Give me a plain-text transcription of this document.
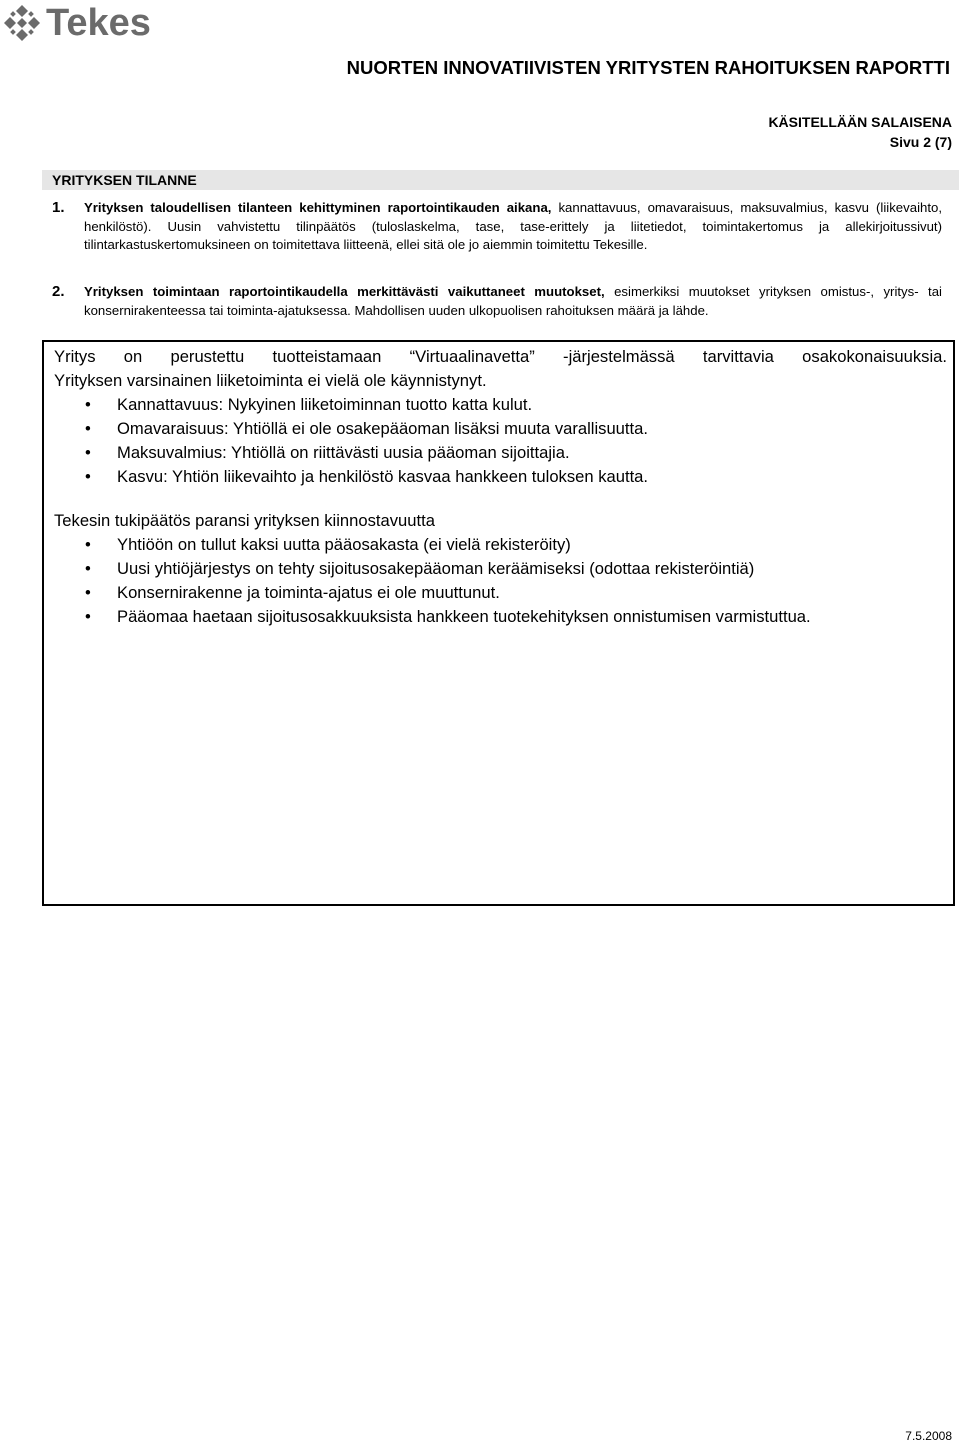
Tekes
NUORTEN INNOVATIIVISTEN YRITYSTEN RAHOITUKSEN RAPORTTI
KÄSITELLÄÄN SALAISENA
Sivu 2 (7)
YRITYKSEN TILANNE
1. Yrityksen taloudellisen tilanteen kehittyminen raportointikauden aikana, kannattavuus, omavaraisuus, maksuvalmius, kasvu (liikevaihto, henkilöstö). Uusin vahvistettu tilinpäätös (tuloslaskelma, tase, tase-erittely ja liitetiedot, toimintakertomus ja allekirjoitussivut) tilintarkastuskertomuksineen on toimitettava liitteenä, ellei sitä ole jo aiemmin toimitettu Tekesille.
2. Yrityksen toimintaan raportointikaudella merkittävästi vaikuttaneet muutokset, esimerkiksi muutokset yrityksen omistus-, yritys- tai konsernirakenteessa tai toiminta-ajatuksessa. Mahdollisen uuden ulkopuolisen rahoituksen määrä ja lähde.

Yritys on perustettu tuotteistamaan “Virtuaalinavetta” -järjestelmässä tarvittavia osakokonaisuuksia.

Yrityksen varsinainen liiketoiminta ei vielä ole käynnistynyt.

• Kannattavuus: Nykyinen liiketoiminnan tuotto katta kulut.
• Omavaraisuus: Yhtiöllä ei ole osakepääoman lisäksi muuta varallisuutta.
• Maksuvalmius: Yhtiöllä on riittävästi uusia pääoman sijoittajia.
• Kasvu: Yhtiön liikevaihto ja henkilöstö kasvaa hankkeen tuloksen kautta.

Tekesin tukipäätös paransi yrityksen kiinnostavuutta

• Yhtiöön on tullut kaksi uutta pääosakasta (ei vielä rekisteröity)
• Uusi yhtiöjärjestys on tehty sijoitusosakepääoman keräämiseksi (odottaa rekisteröintiä)
• Konsernirakenne ja toiminta-ajatus ei ole muuttunut.
• Pääomaa haetaan sijoitusosakkuuksista hankkeen tuotekehityksen onnistumisen varmistuttua.
7.5.2008
